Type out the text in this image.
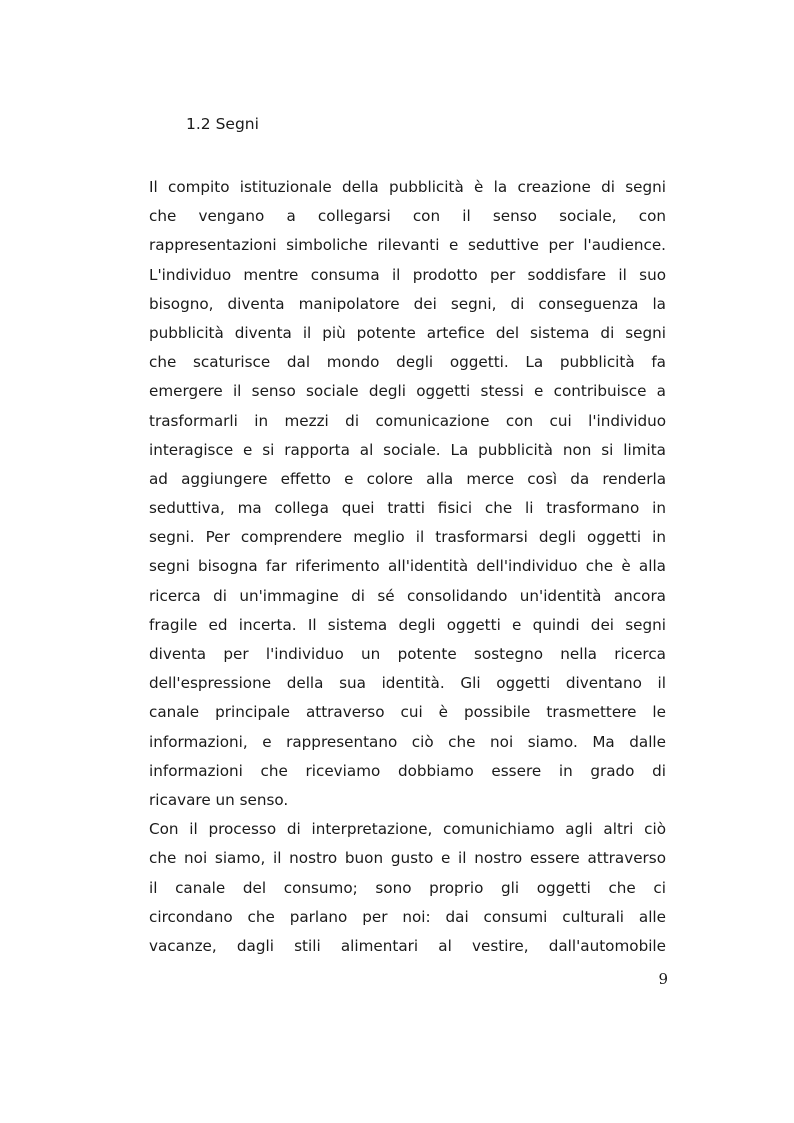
1.2 Segni
Il compito istituzionale della pubblicità è la creazione di segni
che vengano a collegarsi con il senso sociale, con
rappresentazioni simboliche rilevanti e seduttive per l'audience.
L'individuo mentre consuma il prodotto per soddisfare il suo
bisogno, diventa manipolatore dei segni, di conseguenza la
pubblicità diventa il più potente artefice del sistema di segni
che scaturisce dal mondo degli oggetti. La pubblicità fa
emergere il senso sociale degli oggetti stessi e contribuisce a
trasformarli in mezzi di comunicazione con cui l'individuo
interagisce e si rapporta al sociale. La pubblicità non si limita
ad aggiungere effetto e colore alla merce così da renderla
seduttiva, ma collega quei tratti fisici che li trasformano in
segni. Per comprendere meglio il trasformarsi degli oggetti in
segni bisogna far riferimento all'identità dell'individuo che è alla
ricerca di un'immagine di sé consolidando un'identità ancora
fragile ed incerta. Il sistema degli oggetti e quindi dei segni
diventa per l'individuo un potente sostegno nella ricerca
dell'espressione della sua identità. Gli oggetti diventano il
canale principale attraverso cui è possibile trasmettere le
informazioni, e rappresentano ciò che noi siamo. Ma dalle
informazioni che riceviamo dobbiamo essere in grado di
ricavare un senso.
Con il processo di interpretazione, comunichiamo agli altri ciò
che noi siamo, il nostro buon gusto e il nostro essere attraverso
il canale del consumo; sono proprio gli oggetti che ci
circondano che parlano per noi: dai consumi culturali alle
vacanze, dagli stili alimentari al vestire, dall'automobile
9
